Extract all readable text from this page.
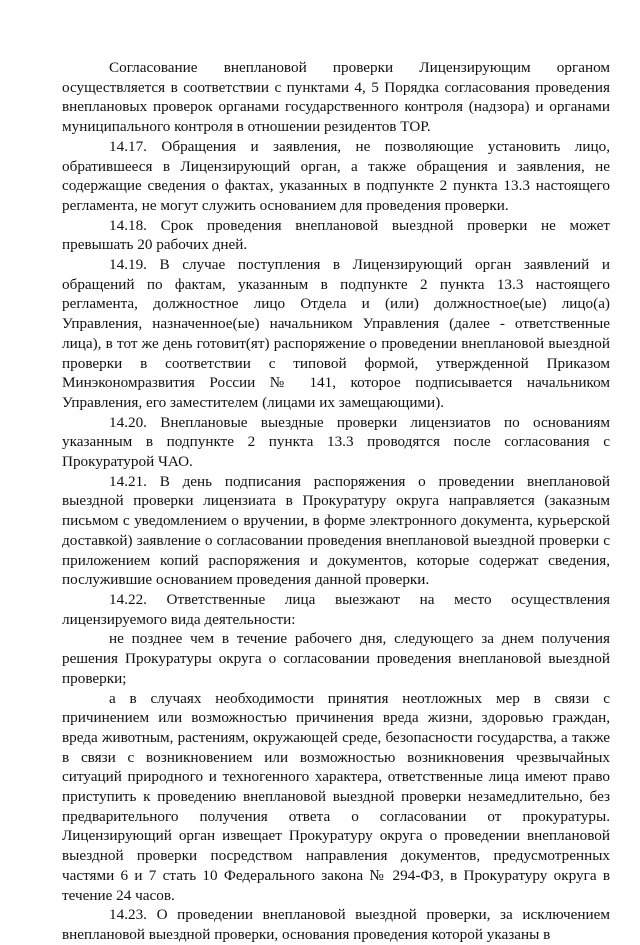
Согласование внеплановой проверки Лицензирующим органом осуществляется в соответствии с пунктами 4, 5 Порядка согласования проведения внеплановых проверок органами государственного контроля (надзора) и органами муниципального контроля в отношении резидентов ТОР.

14.17. Обращения и заявления, не позволяющие установить лицо, обратившееся в Лицензирующий орган, а также обращения и заявления, не содержащие сведения о фактах, указанных в подпункте 2 пункта 13.3 настоящего регламента, не могут служить основанием для проведения проверки.

14.18. Срок проведения внеплановой выездной проверки не может превышать 20 рабочих дней.

14.19. В случае поступления в Лицензирующий орган заявлений и обращений по фактам, указанным в подпункте 2 пункта 13.3 настоящего регламента, должностное лицо Отдела и (или) должностное(ые) лицо(а) Управления, назначенное(ые) начальником Управления (далее - ответственные лица), в тот же день готовит(ят) распоряжение о проведении внеплановой выездной проверки в соответствии с типовой формой, утвержденной Приказом Минэкономразвития России № 141, которое подписывается начальником Управления, его заместителем (лицами их замещающими).

14.20. Внеплановые выездные проверки лицензиатов по основаниям указанным в подпункте 2 пункта 13.3 проводятся после согласования с Прокуратурой ЧАО.

14.21. В день подписания распоряжения о проведении внеплановой выездной проверки лицензиата в Прокуратуру округа направляется (заказным письмом с уведомлением о вручении, в форме электронного документа, курьерской доставкой) заявление о согласовании проведения внеплановой выездной проверки с приложением копий распоряжения и документов, которые содержат сведения, послужившие основанием проведения данной проверки.

14.22. Ответственные лица выезжают на место осуществления лицензируемого вида деятельности:

не позднее чем в течение рабочего дня, следующего за днем получения решения Прокуратуры округа о согласовании проведения внеплановой выездной проверки;

а в случаях необходимости принятия неотложных мер в связи с причинением или возможностью причинения вреда жизни, здоровью граждан, вреда животным, растениям, окружающей среде, безопасности государства, а также в связи с возникновением или возможностью возникновения чрезвычайных ситуаций природного и техногенного характера, ответственные лица имеют право приступить к проведению внеплановой выездной проверки незамедлительно, без предварительного получения ответа о согласовании от прокуратуры. Лицензирующий орган извещает Прокуратуру округа о проведении внеплановой выездной проверки посредством направления документов, предусмотренных частями 6 и 7 стать 10 Федерального закона № 294-ФЗ, в Прокуратуру округа в течение 24 часов.

14.23. О проведении внеплановой выездной проверки, за исключением внеплановой выездной проверки, основания проведения которой указаны в
